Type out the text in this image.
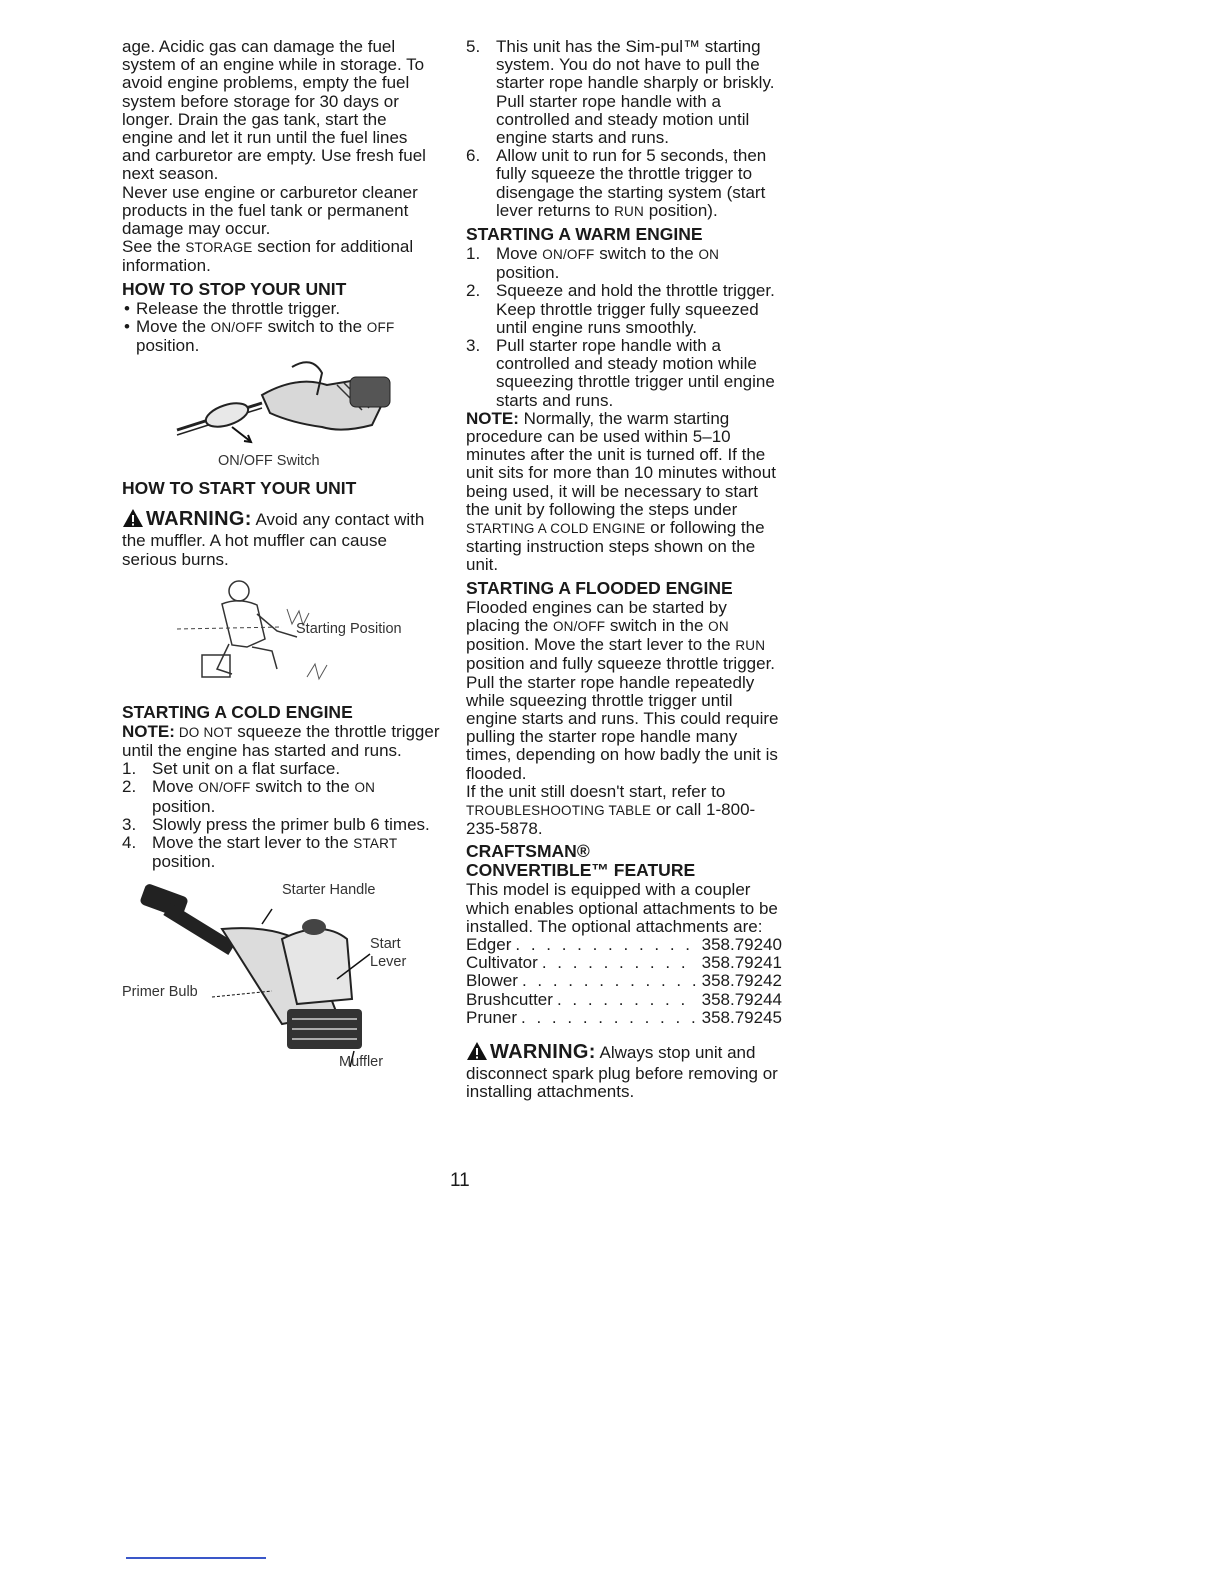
age. Acidic gas can damage the fuel system of an engine while in storage. To avoid engine problems, empty the fuel system before storage for 30 days or longer. Drain the gas tank, start the engine and let it run until the fuel lines and carburetor are empty. Use fresh fuel next season.

Never use engine or carburetor cleaner products in the fuel tank or permanent damage may occur.

See the STORAGE section for additional information.

HOW TO STOP YOUR UNIT
• Release the throttle trigger.
• Move the ON/OFF switch to the OFF position.
ON/OFF Switch
HOW TO START YOUR UNIT
WARNING: Avoid any contact with the muffler. A hot muffler can cause serious burns.
Starting Position
STARTING A COLD ENGINE

NOTE: DO NOT squeeze the throttle trigger until the engine has started and runs.

1. Set unit on a flat surface.
2. Move ON/OFF switch to the ON position.
3. Slowly press the primer bulb 6 times.
4. Move the start lever to the START position.
Starter Handle
Start
Lever
Primer Bulb
Muffler
5. This unit has the Sim-pul™ starting system. You do not have to pull the starter rope handle sharply or briskly. Pull starter rope handle with a controlled and steady motion until engine starts and runs.
6. Allow unit to run for 5 seconds, then fully squeeze the throttle trigger to disengage the starting system (start lever returns to RUN position).
STARTING A WARM ENGINE
1. Move ON/OFF switch to the ON position.
2. Squeeze and hold the throttle trigger. Keep throttle trigger fully squeezed until engine runs smoothly.
3. Pull starter rope handle with a controlled and steady motion while squeezing throttle trigger until engine starts and runs.

NOTE: Normally, the warm starting procedure can be used within 5–10 minutes after the unit is turned off. If the unit sits for more than 10 minutes without being used, it will be necessary to start the unit by following the steps under STARTING A COLD ENGINE or following the starting instruction steps shown on the unit.

STARTING A FLOODED ENGINE

Flooded engines can be started by placing the ON/OFF switch in the ON position. Move the start lever to the RUN position and fully squeeze throttle trigger. Pull the starter rope handle repeatedly while squeezing throttle trigger until engine starts and runs. This could require pulling the starter rope handle many times, depending on how badly the unit is flooded.

If the unit still doesn't start, refer to TROUBLESHOOTING TABLE or call 1-800-235-5878.

CRAFTSMAN®
CONVERTIBLE™ FEATURE

This model is equipped with a coupler which enables optional attachments to be installed. The optional attachments are:

Edger . . .	358.79240
Cultivator . . .	358.79241
Blower . . .	358.79242
Brushcutter . . .	358.79244
Pruner . . .	358.79245
WARNING: Always stop unit and disconnect spark plug before removing or installing attachments.
11
